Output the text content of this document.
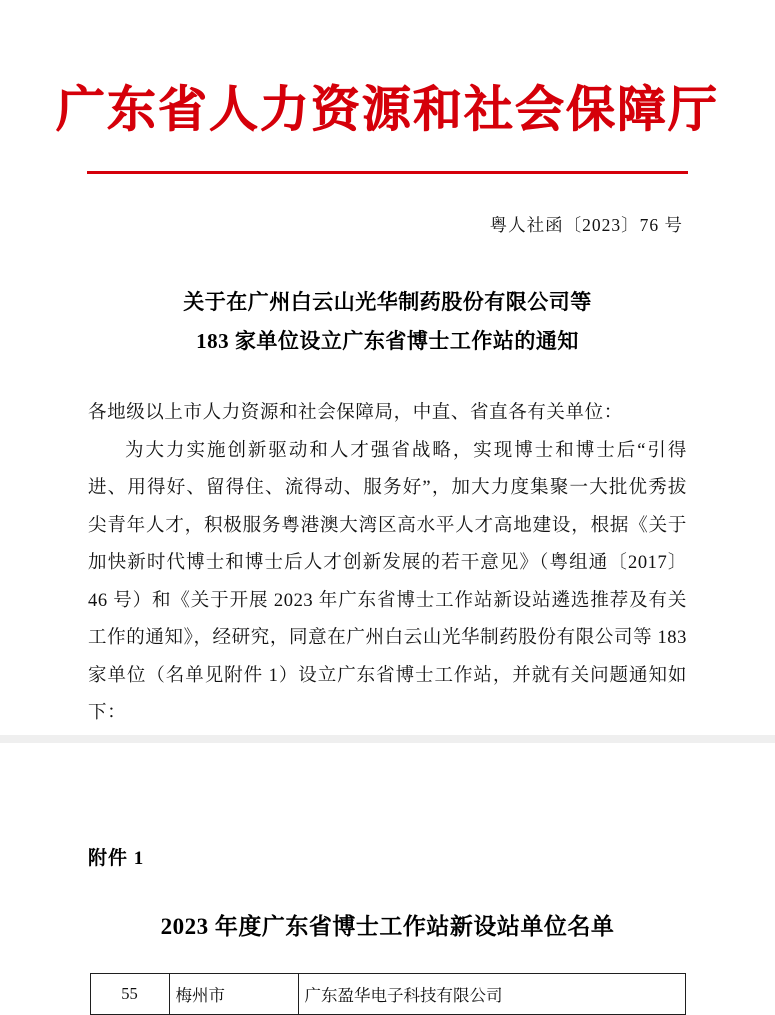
广东省人力资源和社会保障厅
粤人社函〔2023〕76 号
关于在广州白云山光华制药股份有限公司等
183 家单位设立广东省博士工作站的通知

各地级以上市人力资源和社会保障局，中直、省直各有关单位：

为大力实施创新驱动和人才强省战略，实现博士和博士后“引得进、用得好、留得住、流得动、服务好”，加大力度集聚一大批优秀拔尖青年人才，积极服务粤港澳大湾区高水平人才高地建设，根据《关于加快新时代博士和博士后人才创新发展的若干意见》（粤组通〔2017〕46 号）和《关于开展 2023 年广东省博士工作站新设站遴选推荐及有关工作的通知》，经研究，同意在广州白云山光华制药股份有限公司等 183 家单位（名单见附件 1）设立广东省博士工作站，并就有关问题通知如下：

附件 1
2023 年度广东省博士工作站新设站单位名单
55	梅州市	广东盈华电子科技有限公司
